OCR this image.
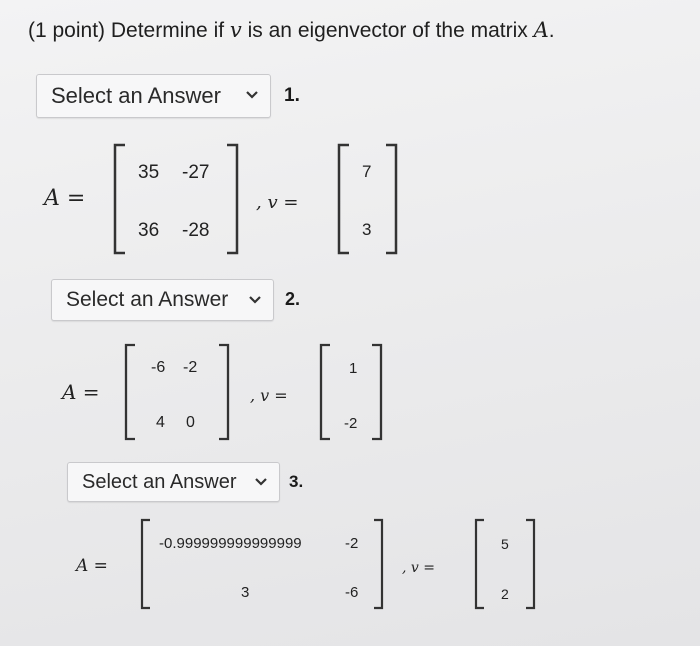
(1 point) Determine if v is an eigenvector of the matrix A.
Select an Answer	1.
A =
35 -27
36 -28
, v =
7
3
Select an Answer	2.
A =
-6 -2
4 0
, v =
1
-2
Select an Answer	3.
A =
-0.999999999999999	-2
3	-6
, v =
5
2
